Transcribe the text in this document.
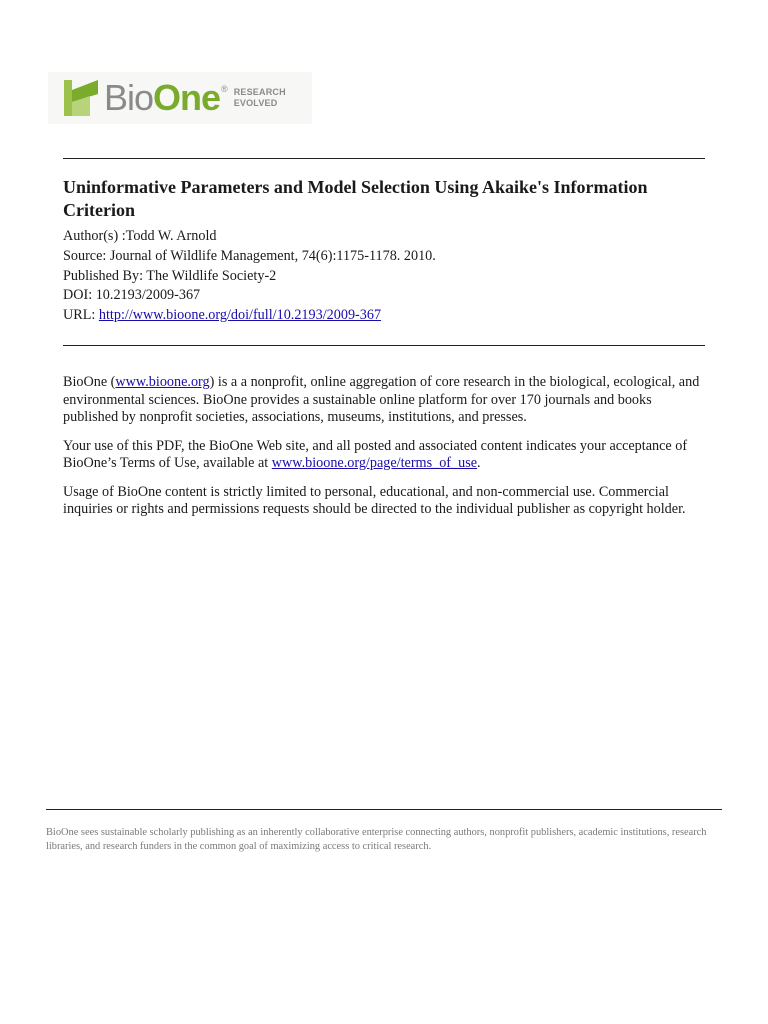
BioOne ® RESEARCH
EVOLVED
Uninformative Parameters and Model Selection Using Akaike's Information Criterion
Author(s) :Todd W. Arnold
Source: Journal of Wildlife Management, 74(6):1175-1178. 2010.
Published By: The Wildlife Society-2
DOI: 10.2193/2009-367
URL: http://www.bioone.org/doi/full/10.2193/2009-367

BioOne (www.bioone.org) is a a nonprofit, online aggregation of core research in the biological, ecological, and environmental sciences. BioOne provides a sustainable online platform for over 170 journals and books published by nonprofit societies, associations, museums, institutions, and presses.

Your use of this PDF, the BioOne Web site, and all posted and associated content indicates your acceptance of BioOne’s Terms of Use, available at www.bioone.org/page/terms_of_use.

Usage of BioOne content is strictly limited to personal, educational, and non-commercial use. Commercial inquiries or rights and permissions requests should be directed to the individual publisher as copyright holder.

BioOne sees sustainable scholarly publishing as an inherently collaborative enterprise connecting authors, nonprofit publishers, academic institutions, research libraries, and research funders in the common goal of maximizing access to critical research.
